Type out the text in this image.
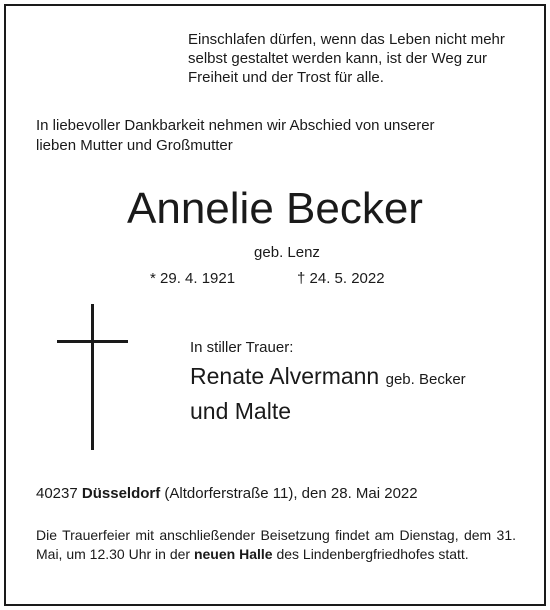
Einschlafen dürfen, wenn das Leben nicht mehr
selbst gestaltet werden kann, ist der Weg zur
Freiheit und der Trost für alle.
In liebevoller Dankbarkeit nehmen wir Abschied von unserer
lieben Mutter und Großmutter
Annelie Becker
geb. Lenz
* 29. 4. 1921	† 24. 5. 2022
In stiller Trauer:
Renate Alvermann geb. Becker
und Malte
40237 Düsseldorf (Altdorferstraße 11), den 28. Mai 2022
Die Trauerfeier mit anschließender Beisetzung findet am Dienstag, dem 31. Mai, um 12.30 Uhr in der neuen Halle des Lindenbergfriedhofes statt.
